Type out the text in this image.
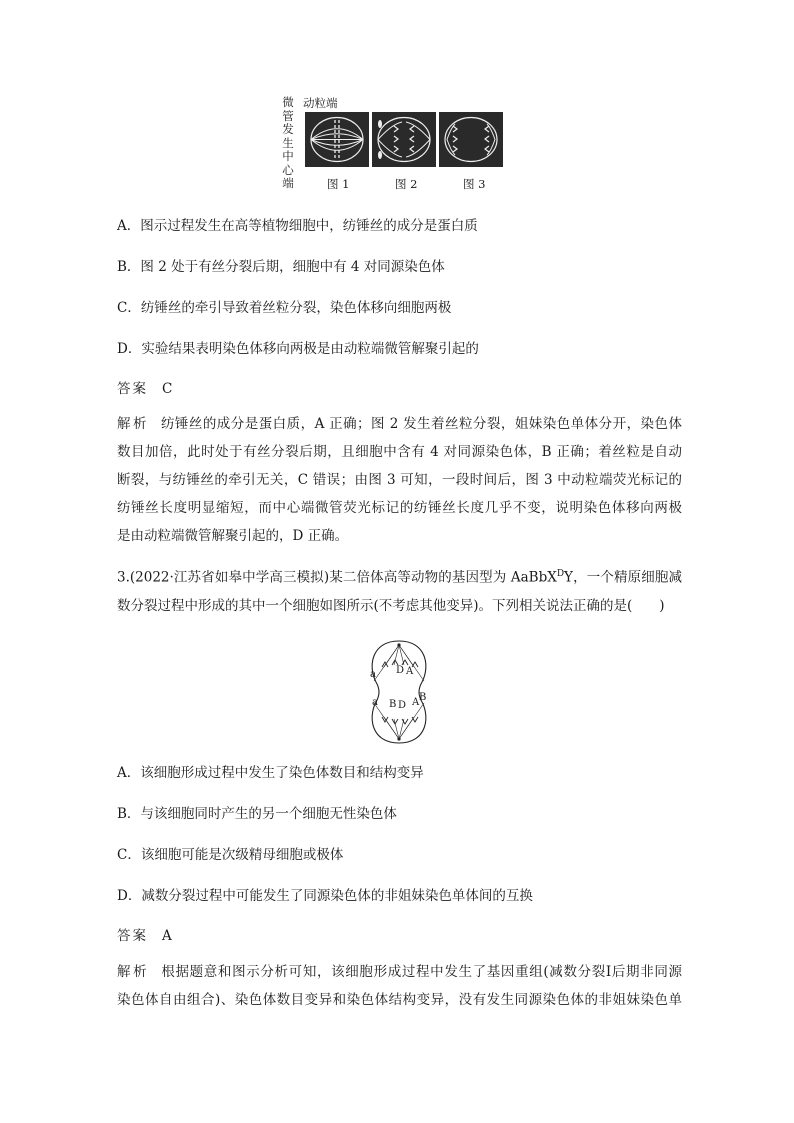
微管发生中心端
动粒端
图 1	图 2	图 3
A．图示过程发生在高等植物细胞中，纺锤丝的成分是蛋白质
B．图 2 处于有丝分裂后期，细胞中有 4 对同源染色体
C．纺锤丝的牵引导致着丝粒分裂，染色体移向细胞两极
D．实验结果表明染色体移向两极是由动粒端微管解聚引起的
答案 C
解析 纺锤丝的成分是蛋白质，A 正确；图 2 发生着丝粒分裂，姐妹染色单体分开，染色体
数目加倍，此时处于有丝分裂后期，且细胞中含有 4 对同源染色体，B 正确；着丝粒是自动
断裂，与纺锤丝的牵引无关，C 错误；由图 3 可知，一段时间后，图 3 中动粒端荧光标记的
纺锤丝长度明显缩短，而中心端微管荧光标记的纺锤丝长度几乎不变，说明染色体移向两极
是由动粒端微管解聚引起的，D 正确。
3.(2022·江苏省如皋中学高三模拟)某二倍体高等动物的基因型为 AaBbX$^D$Y，一个精原细胞减
数分裂过程中形成的其中一个细胞如图所示(不考虑其他变异)。下列相关说法正确的是(　　)
a D A
a B D A B
A．该细胞形成过程中发生了染色体数目和结构变异
B．与该细胞同时产生的另一个细胞无性染色体
C．该细胞可能是次级精母细胞或极体
D．减数分裂过程中可能发生了同源染色体的非姐妹染色单体间的互换
答案 A
解析 根据题意和图示分析可知，该细胞形成过程中发生了基因重组(减数分裂Ⅰ后期非同源
染色体自由组合)、染色体数目变异和染色体结构变异，没有发生同源染色体的非姐妹染色单
